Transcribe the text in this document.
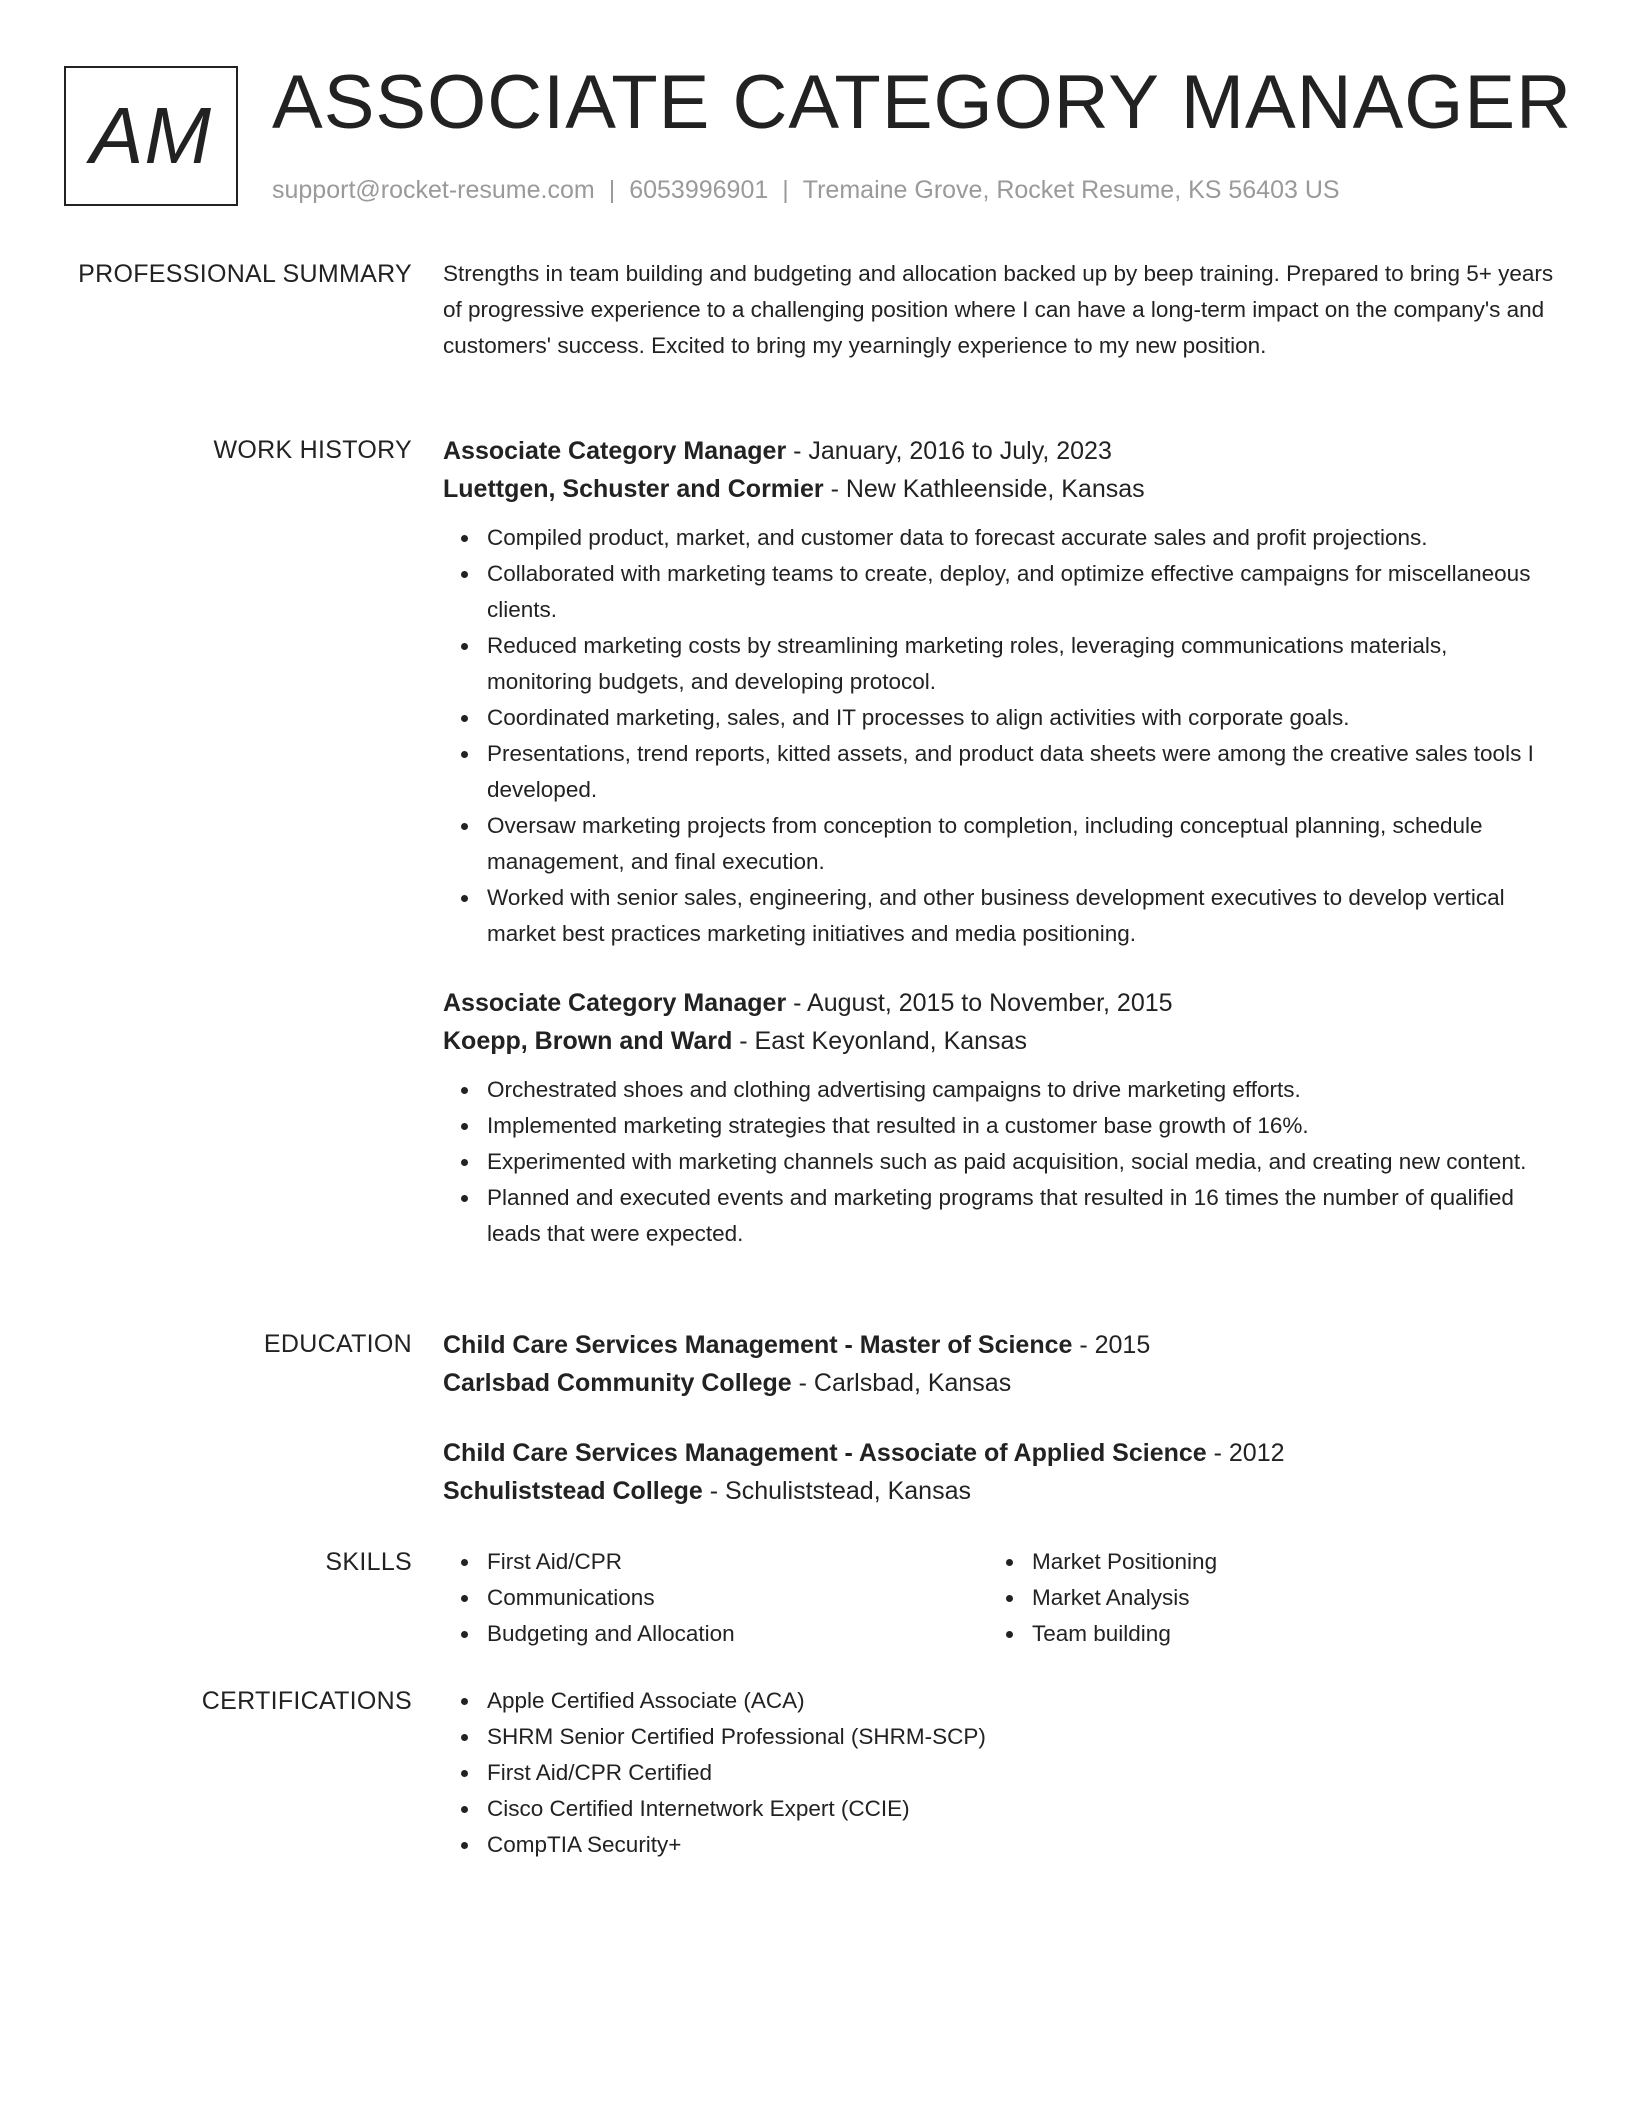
AM ASSOCIATE CATEGORY MANAGER
support@rocket-resume.com | 6053996901 | Tremaine Grove, Rocket Resume, KS 56403 US
PROFESSIONAL SUMMARY Strengths in team building and budgeting and allocation backed up by beep training. Prepared to bring 5+ years of progressive experience to a challenging position where I can have a long-term impact on the company's and customers' success. Excited to bring my yearningly experience to my new position.

WORK HISTORY Associate Category Manager - January, 2016 to July, 2023
Luettgen, Schuster and Cormier - New Kathleenside, Kansas
Compiled product, market, and customer data to forecast accurate sales and profit projections.
Collaborated with marketing teams to create, deploy, and optimize effective campaigns for miscellaneous clients.
Reduced marketing costs by streamlining marketing roles, leveraging communications materials, monitoring budgets, and developing protocol.
Coordinated marketing, sales, and IT processes to align activities with corporate goals.
Presentations, trend reports, kitted assets, and product data sheets were among the creative sales tools I developed.
Oversaw marketing projects from conception to completion, including conceptual planning, schedule management, and final execution.
Worked with senior sales, engineering, and other business development executives to develop vertical market best practices marketing initiatives and media positioning.
Associate Category Manager - August, 2015 to November, 2015
Koepp, Brown and Ward - East Keyonland, Kansas
Orchestrated shoes and clothing advertising campaigns to drive marketing efforts.
Implemented marketing strategies that resulted in a customer base growth of 16%.
Experimented with marketing channels such as paid acquisition, social media, and creating new content.
Planned and executed events and marketing programs that resulted in 16 times the number of qualified leads that were expected.
EDUCATION Child Care Services Management - Master of Science - 2015
Carlsbad Community College - Carlsbad, Kansas
Child Care Services Management - Associate of Applied Science - 2012
Schuliststead College - Schuliststead, Kansas
SKILLS	First Aid/CPR
Communications
Budgeting and Allocation
Market Positioning
Market Analysis
Team building
CERTIFICATIONS	Apple Certified Associate (ACA)
SHRM Senior Certified Professional (SHRM-SCP)
First Aid/CPR Certified
Cisco Certified Internetwork Expert (CCIE)
CompTIA Security+
